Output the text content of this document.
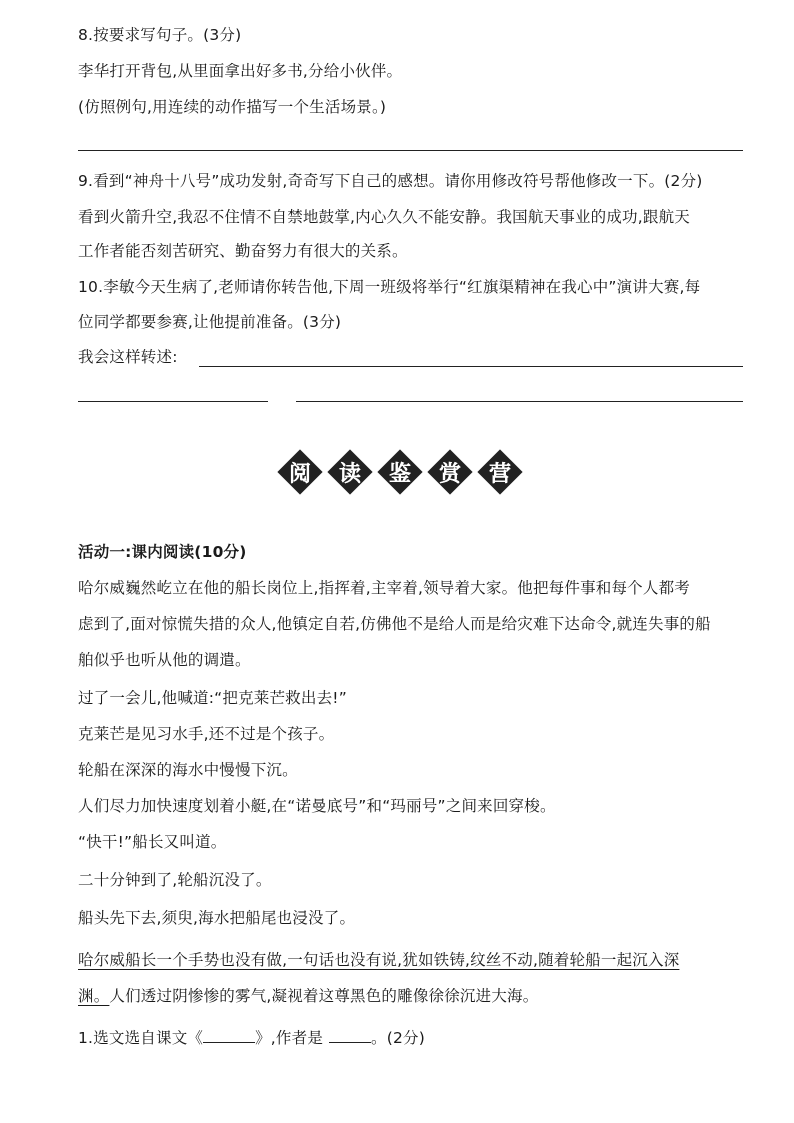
8.按要求写句子。(3分)
李华打开背包,从里面拿出好多书,分给小伙伴。
(仿照例句,用连续的动作描写一个生活场景。)
9.看到“神舟十八号”成功发射,奇奇写下自己的感想。请你用修改符号帮他修改一下。(2分)
看到火箭升空,我忍不住情不自禁地鼓掌,内心久久不能安静。我国航天事业的成功,跟航天
工作者能否刻苦研究、勤奋努力有很大的关系。
10.李敏今天生病了,老师请你转告他,下周一班级将举行“红旗渠精神在我心中”演讲大赛,每
位同学都要参赛,让他提前准备。(3分)
我会这样转述:
阅 读 鉴 赏 营
活动一:课内阅读(10分)
哈尔威巍然屹立在他的船长岗位上,指挥着,主宰着,领导着大家。他把每件事和每个人都考
虑到了,面对惊慌失措的众人,他镇定自若,仿佛他不是给人而是给灾难下达命令,就连失事的船
舶似乎也听从他的调遣。
过了一会儿,他喊道:“把克莱芒救出去!”
克莱芒是见习水手,还不过是个孩子。
轮船在深深的海水中慢慢下沉。
人们尽力加快速度划着小艇,在“诺曼底号”和“玛丽号”之间来回穿梭。
“快干!”船长又叫道。
二十分钟到了,轮船沉没了。
船头先下去,须臾,海水把船尾也浸没了。
哈尔威船长一个手势也没有做,一句话也没有说,犹如铁铸,纹丝不动,随着轮船一起沉入深
渊。人们透过阴惨惨的雾气,凝视着这尊黑色的雕像徐徐沉进大海。
1.选文选自课文《	》,作者是	。(2分)
